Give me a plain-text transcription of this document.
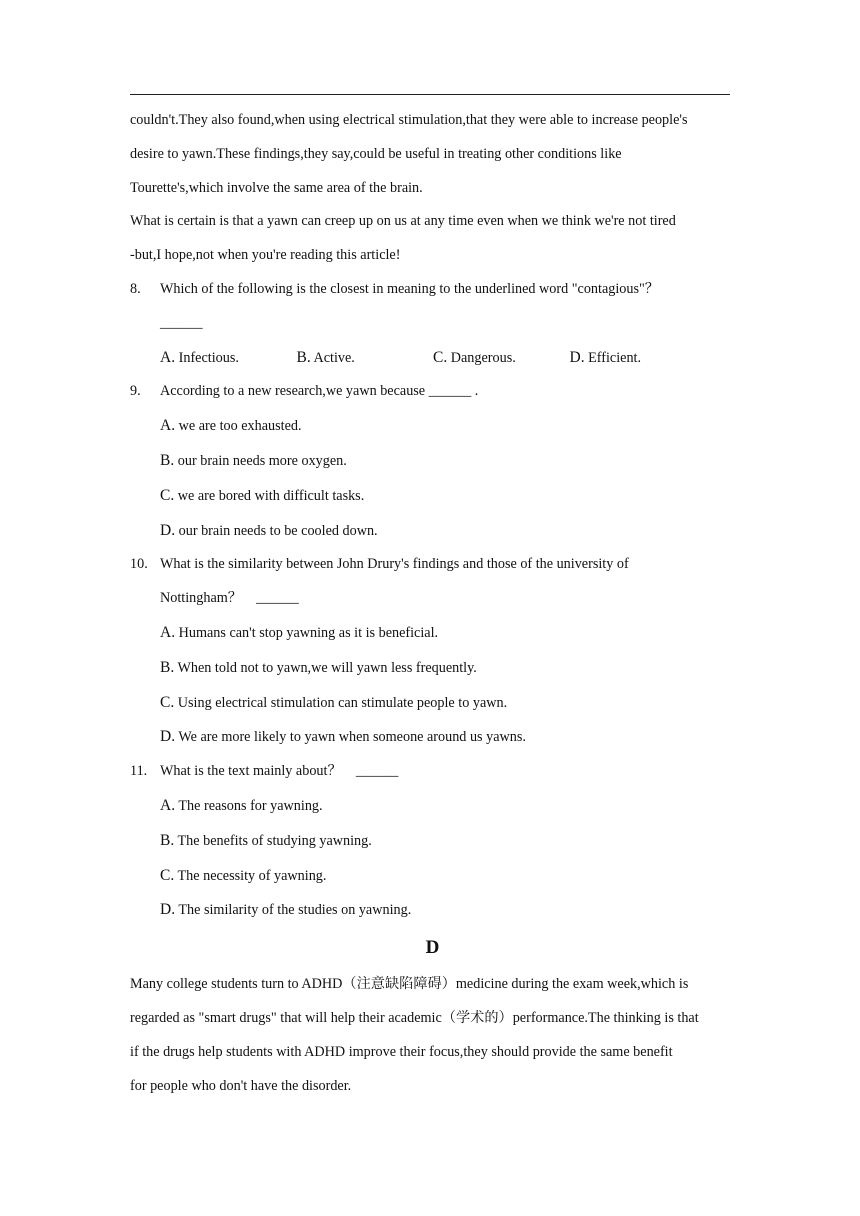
couldn't.They also found,when using electrical stimulation,that they were able to increase people's
desire to yawn.These findings,they say,could be useful in treating other conditions like
Tourette's,which involve the same area of the brain.
What is certain is that a yawn can creep up on us at any time even when we think we're not tired
-but,I hope,not when you're reading this article!
8.	Which of the following is the closest in meaning to the underlined word "contagious"？
______
A. Infectious.	B. Active.	C. Dangerous.	D. Efficient.
9.	According to a new research,we yawn because ______ .
A. we are too exhausted.
B. our brain needs more oxygen.
C. we are bored with difficult tasks.
D. our brain needs to be cooled down.
10. What is the similarity between John Drury's findings and those of the university of
Nottingham？　______
A. Humans can't stop yawning as it is beneficial.
B. When told not to yawn,we will yawn less frequently.
C. Using electrical stimulation can stimulate people to yawn.
D. We are more likely to yawn when someone around us yawns.
11. What is the text mainly about？　______
A. The reasons for yawning.
B. The benefits of studying yawning.
C. The necessity of yawning.
D. The similarity of the studies on yawning.
D
Many college students turn to ADHD（注意缺陷障碍）medicine during the exam week,which is
regarded as "smart drugs" that will help their academic（学术的）performance.The thinking is that
if the drugs help students with ADHD improve their focus,they should provide the same benefit
for people who don't have the disorder.
